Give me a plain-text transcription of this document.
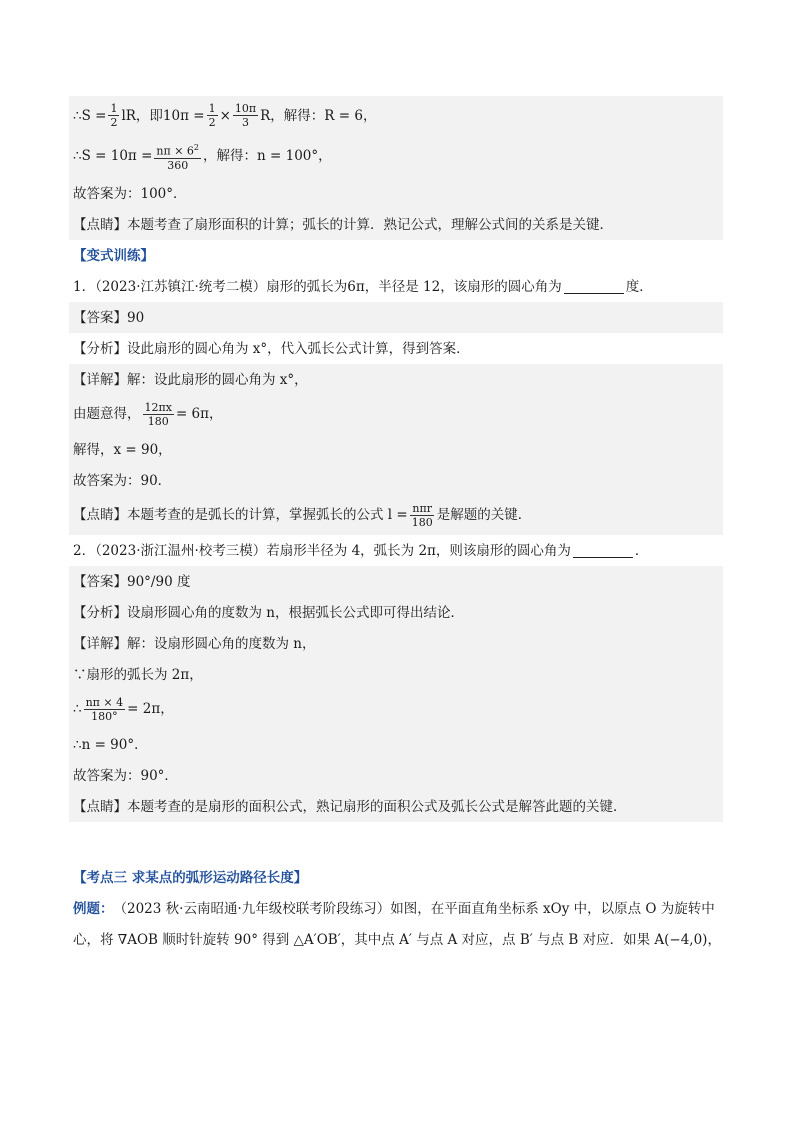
∴S = $\frac{1}{2}$ lR，即$10\pi = \frac{1}{2} \times \frac{10\pi}{3}$ R，解得：R = 6，
∴S = $10\pi = \frac{n\pi \times 6^2}{360}$ ，解得：n = 100°，
故答案为：100°．
【点睛】 本题考查了扇形面积的计算；弧长的计算．熟记公式，理解公式间的关系是关键．
【变式训练】
1．（2023·江苏镇江·统考二模）扇形的弧长为6π，半径是 12，该扇形的圆心角为	度．
【答案】 90
【分析】 设此扇形的圆心角为 x°，代入弧长公式计算，得到答案．
【详解】 解：设此扇形的圆心角为 x°，
由题意得， $\frac{12\pi x}{180} = 6\pi$，
解得，x = 90，
故答案为：90．
【点睛】 本题考查的是弧长的计算，掌握弧长的公式 $l = \frac{\text{nπr}}{180}$ 是解题的关键．
2．（2023·浙江温州·校考三模）若扇形半径为 4，弧长为 2π，则该扇形的圆心角为	．
【答案】 90°/90 度
【分析】 设扇形圆心角的度数为 n，根据弧长公式即可得出结论．
【详解】 解：设扇形圆心角的度数为 n，
∵扇形的弧长为 2π，
∴ $\frac{n\pi \times 4}{180^\circ} = 2\pi$，
∴n = 90°．
故答案为：90°．
【点睛】 本题考查的是扇形的面积公式，熟记扇形的面积公式及弧长公式是解答此题的关键．
【考点三 求某点的弧形运动路径长度】
例题： （2023 秋·云南昭通·九年级校联考阶段练习）如图，在平面直角坐标系 xOy 中，以原点 O 为旋转中
心，将 ∇AOB 顺时针旋转 90° 得到 △A′OB′，其中点 A′ 与点 A 对应，点 B′ 与点 B 对应．如果 A(−4,0)，
